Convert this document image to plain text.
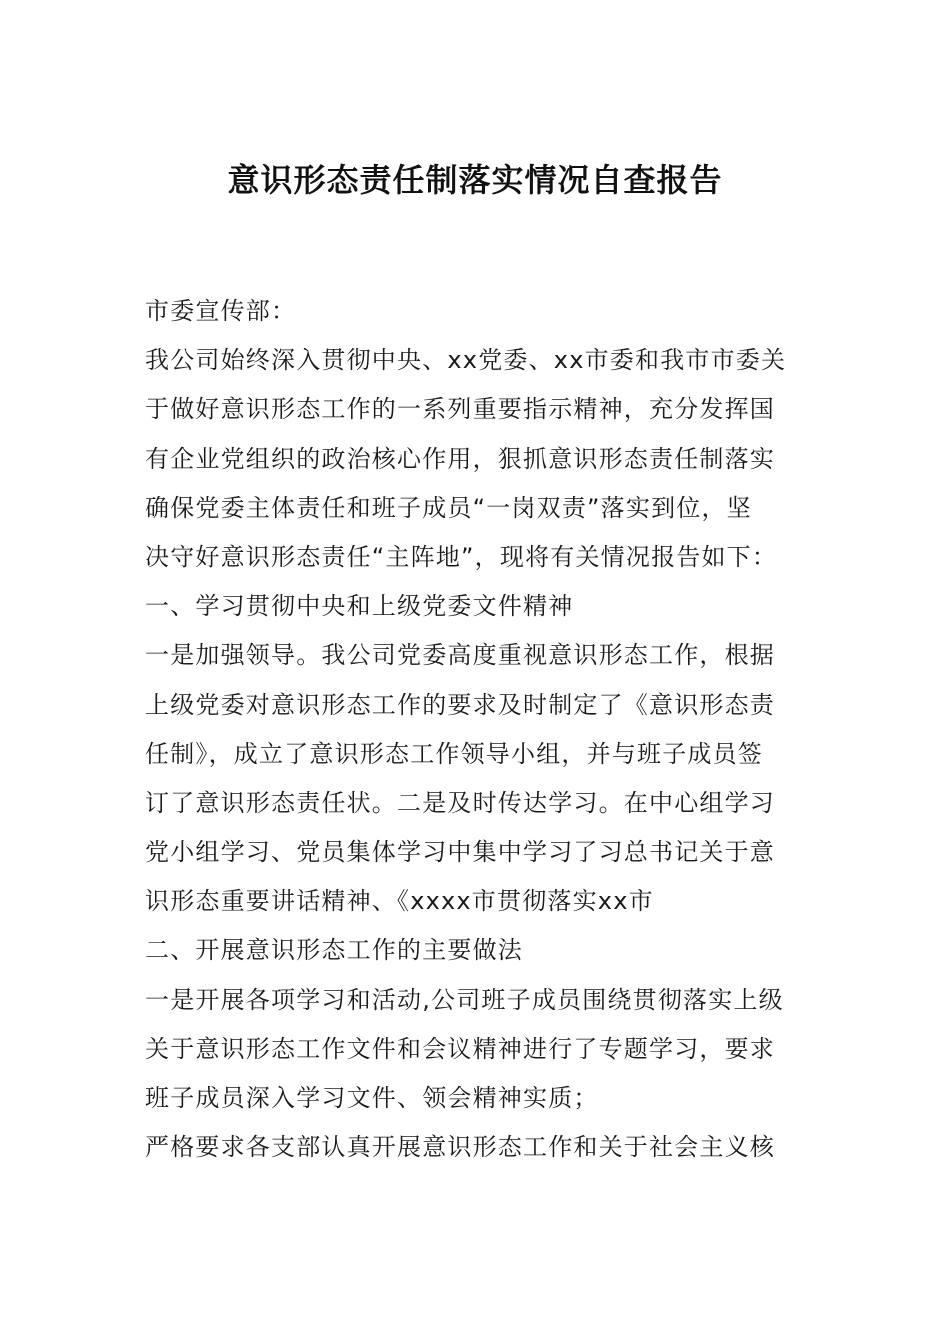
意识形态责任制落实情况自查报告
市委宣传部：
我公司始终深入贯彻中央、xx党委、xx市委和我市市委关
于做好意识形态工作的一系列重要指示精神，充分发挥国
有企业党组织的政治核心作用，狠抓意识形态责任制落实
确保党委主体责任和班子成员“一岗双责”落实到位，坚
决守好意识形态责任“主阵地”，现将有关情况报告如下：
一、学习贯彻中央和上级党委文件精神
一是加强领导。我公司党委高度重视意识形态工作，根据
上级党委对意识形态工作的要求及时制定了《意识形态责
任制》，成立了意识形态工作领导小组，并与班子成员签
订了意识形态责任状。二是及时传达学习。在中心组学习
党小组学习、党员集体学习中集中学习了习总书记关于意
识形态重要讲话精神、《xxxx市贯彻落实xx市
二、开展意识形态工作的主要做法
一是开展各项学习和活动,公司班子成员围绕贯彻落实上级
关于意识形态工作文件和会议精神进行了专题学习，要求
班子成员深入学习文件、领会精神实质；
严格要求各支部认真开展意识形态工作和关于社会主义核
